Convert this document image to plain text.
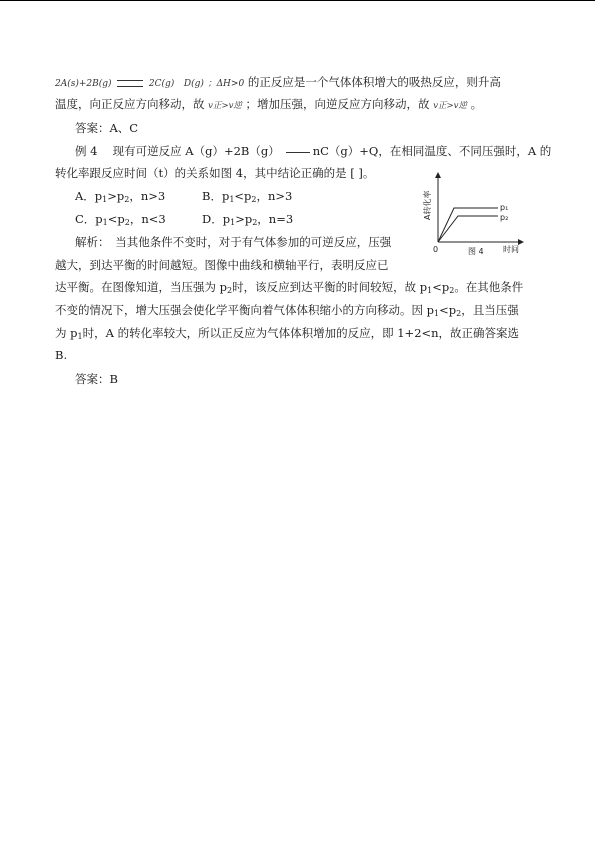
2A(s)+2B(g)	2C(g) D(g) ；ΔH>0 的正反应是一个气体体积增大的吸热反应，则升高
温度，向正反应方向移动，故 v正>v逆 ；增加压强，向逆反应方向移动，故 v正>v逆 。
答案：A、C
例 4　 现有可逆反应 A（g）+2B（g）	nC（g）+Q，在相同温度、不同压强时，A 的
转化率跟反应时间（t）的关系如图 4，其中结论正确的是 [ ]。
A．$p_1>p_2$，n>3	B．$p_1<p_2$，n>3
C．$p_1<p_2$，n<3	D．$p_1>p_2$，n=3
解析：　当其他条件不变时，对于有气体参加的可逆反应，压强
越大，到达平衡的时间越短。图像中曲线和横轴平行，表明反应已
达平衡。在图像知道，当压强为 $p_2$时，该反应到达平衡的时间较短，故 $p_1<p_2$。在其他条件
不变的情况下，增大压强会使化学平衡向着气体体积缩小的方向移动。因 $p_1<p_2$，且当压强
为 $p_1$时，A 的转化率较大，所以正反应为气体体积增加的反应，即 1+2<n，故正确答案选
B.
答案：B
A转化率
时间
0	图 4
p₁
p₂
